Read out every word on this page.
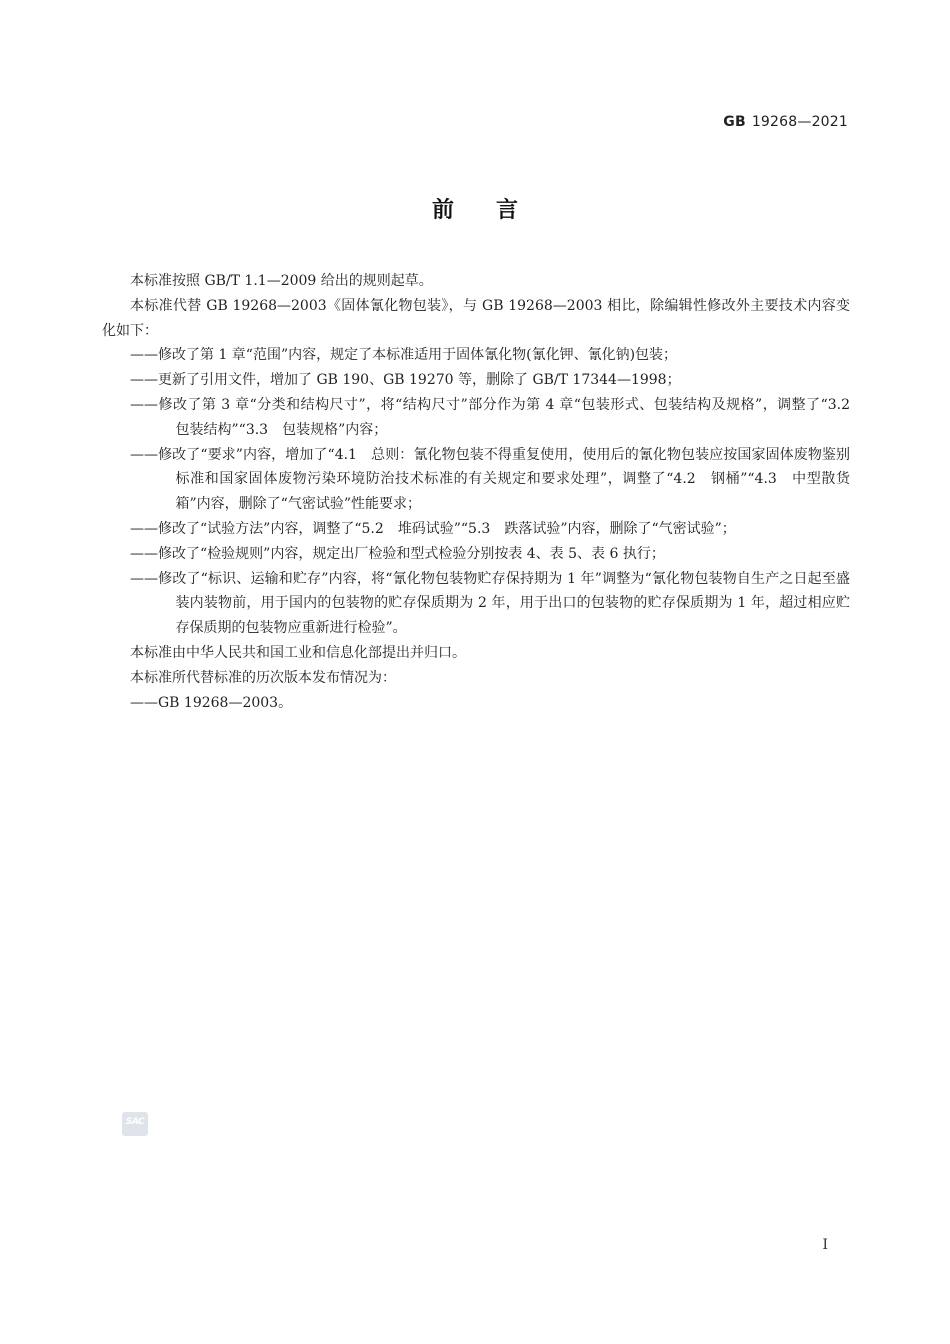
GB 19268—2021
前言

本标准按照 GB/T 1.1—2009 给出的规则起草。

本标准代替 GB 19268—2003《固体氰化物包装》，与 GB 19268—2003 相比，除编辑性修改外主要技术内容变化如下：

——修改了第 1 章“范围”内容，规定了本标准适用于固体氰化物(氰化钾、氰化钠)包装；

——更新了引用文件，增加了 GB 190、GB 19270 等，删除了 GB/T 17344—1998；

——修改了第 3 章“分类和结构尺寸”，将“结构尺寸”部分作为第 4 章“包装形式、包装结构及规格”，调整了“3.2　包装结构”“3.3　包装规格”内容；

——修改了“要求”内容，增加了“4.1　总则：氰化物包装不得重复使用，使用后的氰化物包装应按国家固体废物鉴别标准和国家固体废物污染环境防治技术标准的有关规定和要求处理”，调整了“4.2　钢桶”“4.3　中型散货箱”内容，删除了“气密试验”性能要求；

——修改了“试验方法”内容，调整了“5.2　堆码试验”“5.3　跌落试验”内容，删除了“气密试验”；

——修改了“检验规则”内容，规定出厂检验和型式检验分别按表 4、表 5、表 6 执行；

——修改了“标识、运输和贮存”内容，将“氰化物包装物贮存保持期为 1 年”调整为“氰化物包装物自生产之日起至盛装内装物前，用于国内的包装物的贮存保质期为 2 年，用于出口的包装物的贮存保质期为 1 年，超过相应贮存保质期的包装物应重新进行检验”。

本标准由中华人民共和国工业和信息化部提出并归口。

本标准所代替标准的历次版本发布情况为：

——GB 19268—2003。

SAC
I
